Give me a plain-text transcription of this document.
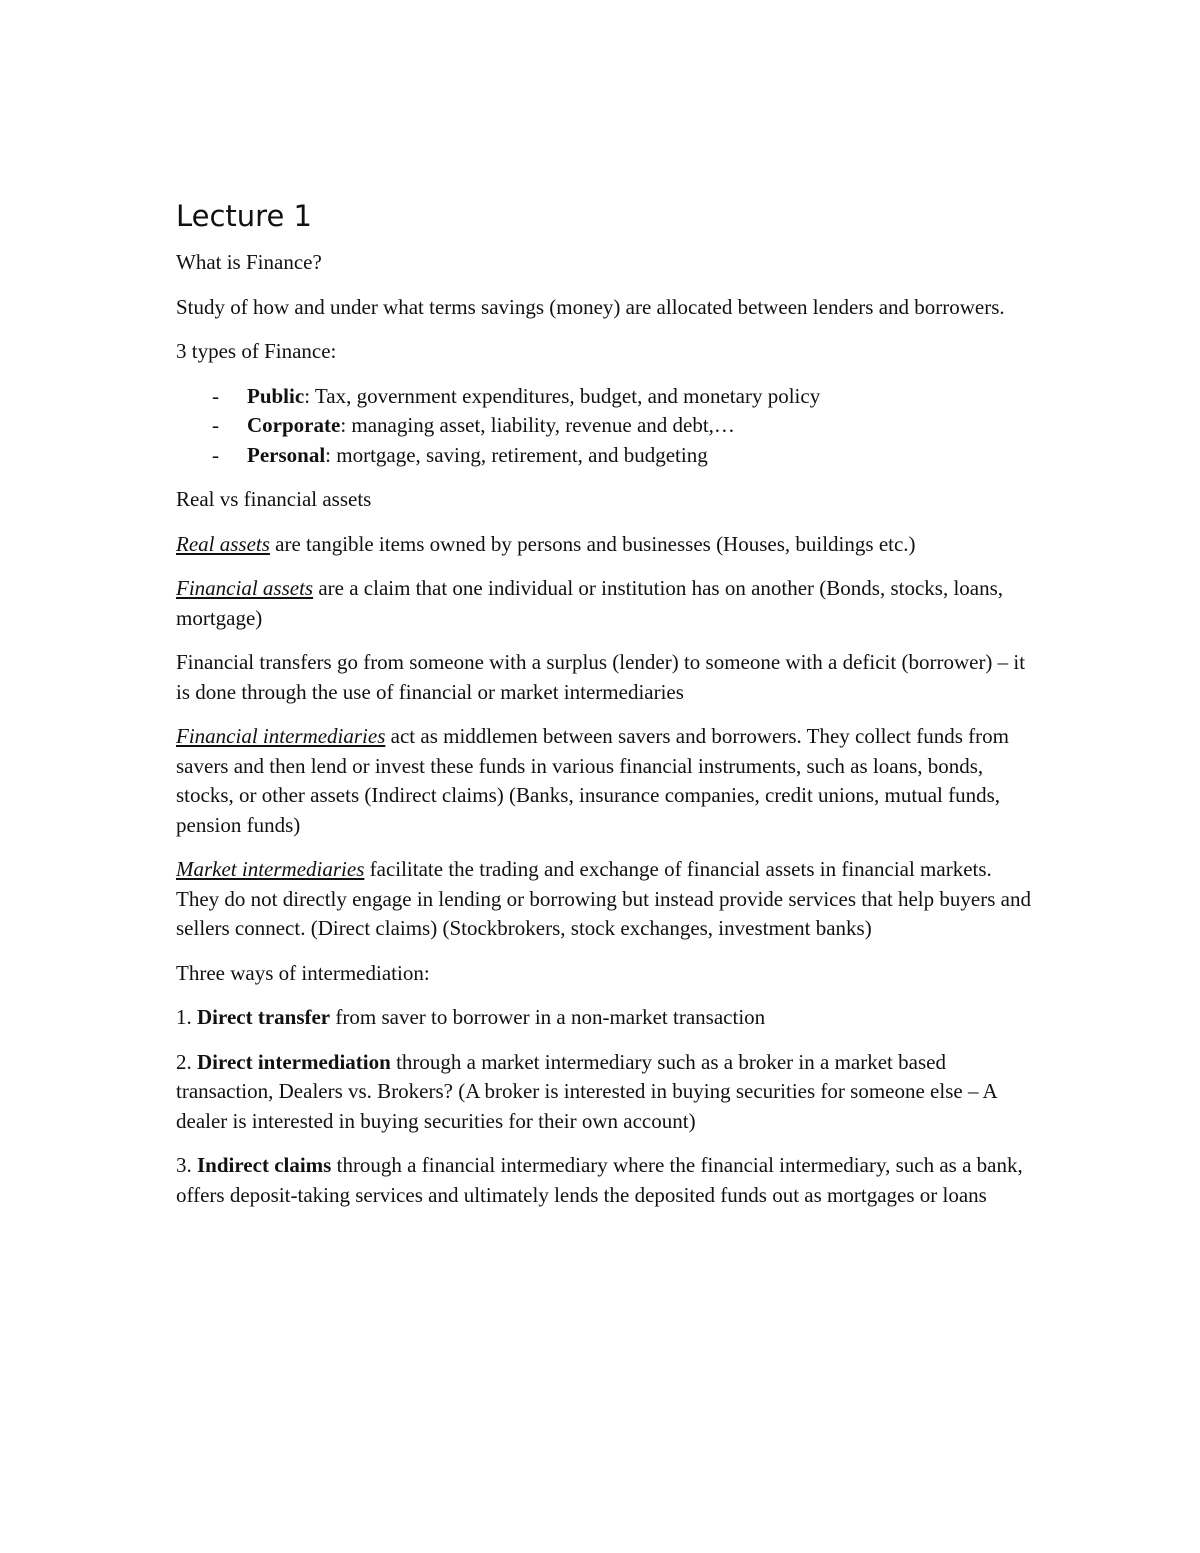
Lecture 1

What is Finance?

Study of how and under what terms savings (money) are allocated between lenders and borrowers.

3 types of Finance:

- Public: Tax, government expenditures, budget, and monetary policy
- Corporate: managing asset, liability, revenue and debt,…
- Personal: mortgage, saving, retirement, and budgeting

Real vs financial assets

Real assets are tangible items owned by persons and businesses (Houses, buildings etc.)

Financial assets are a claim that one individual or institution has on another (Bonds, stocks, loans, mortgage)

Financial transfers go from someone with a surplus (lender) to someone with a deficit (borrower) – it is done through the use of financial or market intermediaries

Financial intermediaries act as middlemen between savers and borrowers. They collect funds from savers and then lend or invest these funds in various financial instruments, such as loans, bonds, stocks, or other assets (Indirect claims) (Banks, insurance companies, credit unions, mutual funds, pension funds)

Market intermediaries facilitate the trading and exchange of financial assets in financial markets. They do not directly engage in lending or borrowing but instead provide services that help buyers and sellers connect. (Direct claims) (Stockbrokers, stock exchanges, investment banks)

Three ways of intermediation:

1. Direct transfer from saver to borrower in a non-market transaction

2. Direct intermediation through a market intermediary such as a broker in a market based transaction, Dealers vs. Brokers? (A broker is interested in buying securities for someone else – A dealer is interested in buying securities for their own account)

3. Indirect claims through a financial intermediary where the financial intermediary, such as a bank, offers deposit-taking services and ultimately lends the deposited funds out as mortgages or loans
